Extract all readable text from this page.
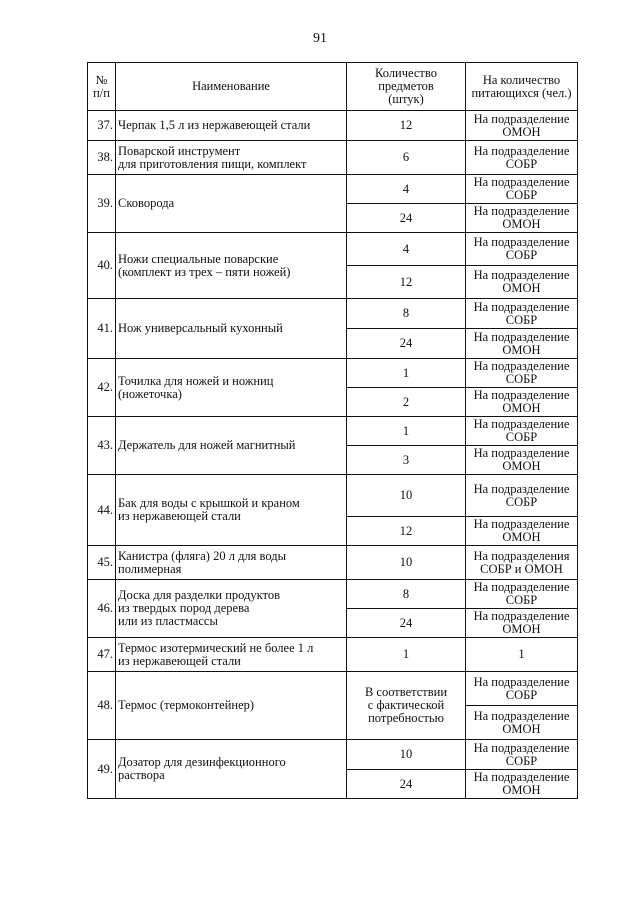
91
№
п/п	Наименование	Количество
предметов
(штук)	На количество
питающихся (чел.)
37.	Черпак 1,5 л из нержавеющей стали	12	На подразделение
ОМОН
38.	Поварской инструмент
для приготовления пищи, комплект	6	На подразделение
СОБР
39.	Сковорода	4	На подразделение
СОБР
		24	На подразделение
ОМОН
40.	Ножи специальные поварские
(комплект из трех – пяти ножей)	4	На подразделение
СОБР
		12	На подразделение
ОМОН
41.	Нож универсальный кухонный	8	На подразделение
СОБР
		24	На подразделение
ОМОН
42.	Точилка для ножей и ножниц
(ножеточка)	1	На подразделение
СОБР
		2	На подразделение
ОМОН
43.	Держатель для ножей магнитный	1	На подразделение
СОБР
		3	На подразделение
ОМОН
44.	Бак для воды с крышкой и краном
из нержавеющей стали	10	На подразделение
СОБР
		12	На подразделение
ОМОН
45.	Канистра (фляга) 20 л для воды
полимерная	10	На подразделения
СОБР и ОМОН
46.	Доска для разделки продуктов
из твердых пород дерева
или из пластмассы	8	На подразделение
СОБР
		24	На подразделение
ОМОН
47.	Термос изотермический не более 1 л
из нержавеющей стали	1	1
48.	Термос (термоконтейнер)	В соответствии
с фактической
потребностью	На подразделение
СОБР
			На подразделение
ОМОН
49.	Дозатор для дезинфекционного
раствора	10	На подразделение
СОБР
		24	На подразделение
ОМОН
